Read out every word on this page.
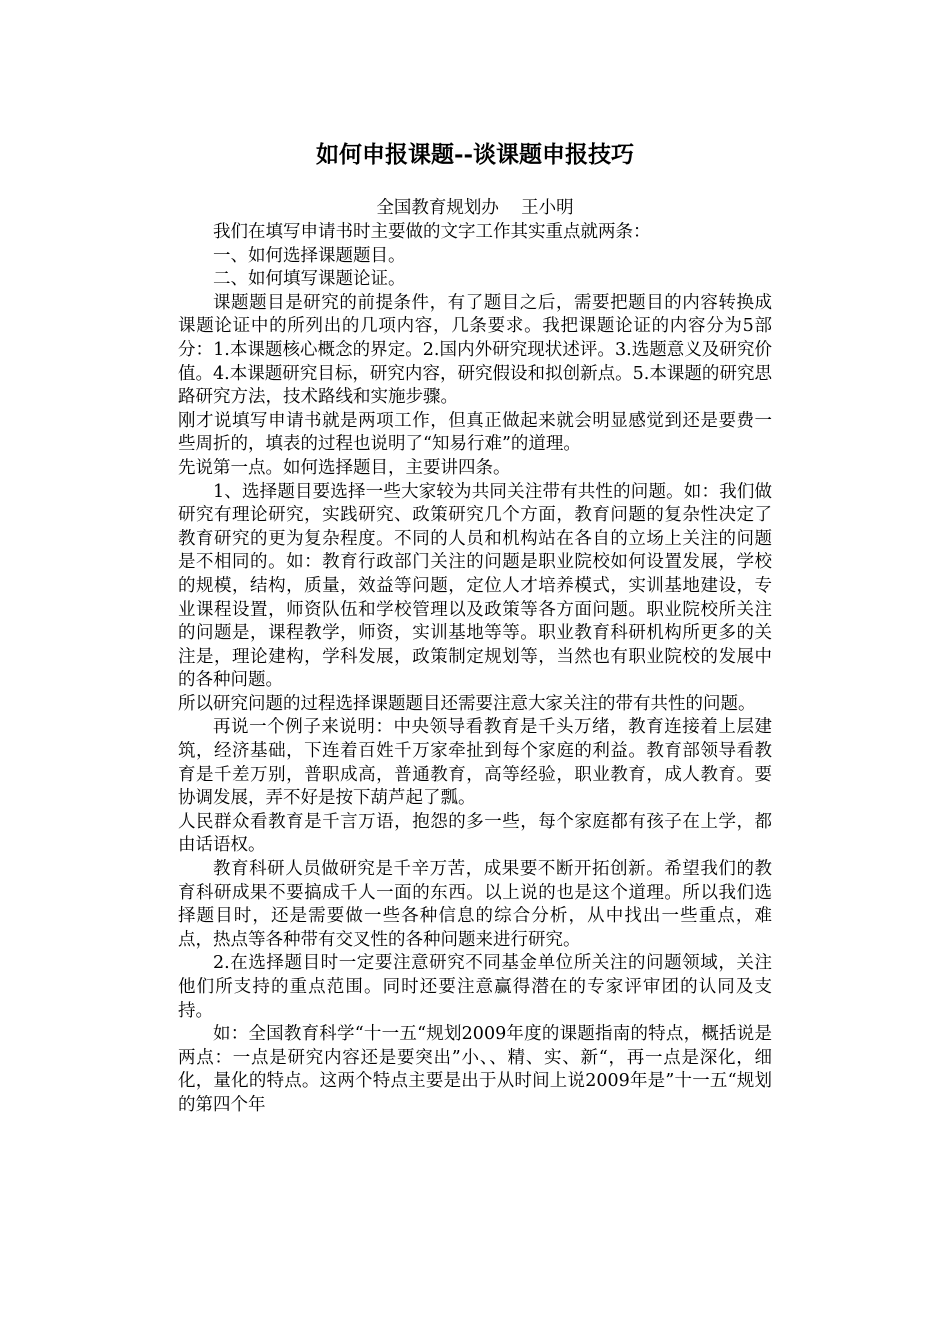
如何申报课题--谈课题申报技巧
全国教育规划办    王小明

我们在填写申请书时主要做的文字工作其实重点就两条：

一、如何选择课题题目。

二、如何填写课题论证。

课题题目是研究的前提条件，有了题目之后，需要把题目的内容转换成课题论证中的所列出的几项内容，几条要求。我把课题论证的内容分为5部分：1.本课题核心概念的界定。2.国内外研究现状述评。3.选题意义及研究价值。4.本课题研究目标，研究内容，研究假设和拟创新点。5.本课题的研究思路研究方法，技术路线和实施步骤。

刚才说填写申请书就是两项工作，但真正做起来就会明显感觉到还是要费一些周折的，填表的过程也说明了“知易行难”的道理。

先说第一点。如何选择题目，主要讲四条。

1、选择题目要选择一些大家较为共同关注带有共性的问题。如：我们做研究有理论研究，实践研究、政策研究几个方面，教育问题的复杂性决定了教育研究的更为复杂程度。不同的人员和机构站在各自的立场上关注的问题是不相同的。如：教育行政部门关注的问题是职业院校如何设置发展，学校的规模，结构，质量，效益等问题，定位人才培养模式，实训基地建设，专业课程设置，师资队伍和学校管理以及政策等各方面问题。职业院校所关注的问题是，课程教学，师资，实训基地等等。职业教育科研机构所更多的关注是，理论建构，学科发展，政策制定规划等，当然也有职业院校的发展中的各种问题。

所以研究问题的过程选择课题题目还需要注意大家关注的带有共性的问题。

再说一个例子来说明：中央领导看教育是千头万绪，教育连接着上层建筑，经济基础，下连着百姓千万家牵扯到每个家庭的利益。教育部领导看教育是千差万别，普职成高，普通教育，高等经验，职业教育，成人教育。要协调发展，弄不好是按下葫芦起了瓢。

人民群众看教育是千言万语，抱怨的多一些，每个家庭都有孩子在上学，都由话语权。

教育科研人员做研究是千辛万苦，成果要不断开拓创新。希望我们的教育科研成果不要搞成千人一面的东西。以上说的也是这个道理。所以我们选择题目时，还是需要做一些各种信息的综合分析，从中找出一些重点，难点，热点等各种带有交叉性的各种问题来进行研究。

2.在选择题目时一定要注意研究不同基金单位所关注的问题领域，关注他们所支持的重点范围。同时还要注意赢得潜在的专家评审团的认同及支持。

如：全国教育科学“十一五“规划2009年度的课题指南的特点，概括说是两点：一点是研究内容还是要突出”小、、精、实、新“，再一点是深化，细化，量化的特点。这两个特点主要是出于从时间上说2009年是”十一五“规划的第四个年
